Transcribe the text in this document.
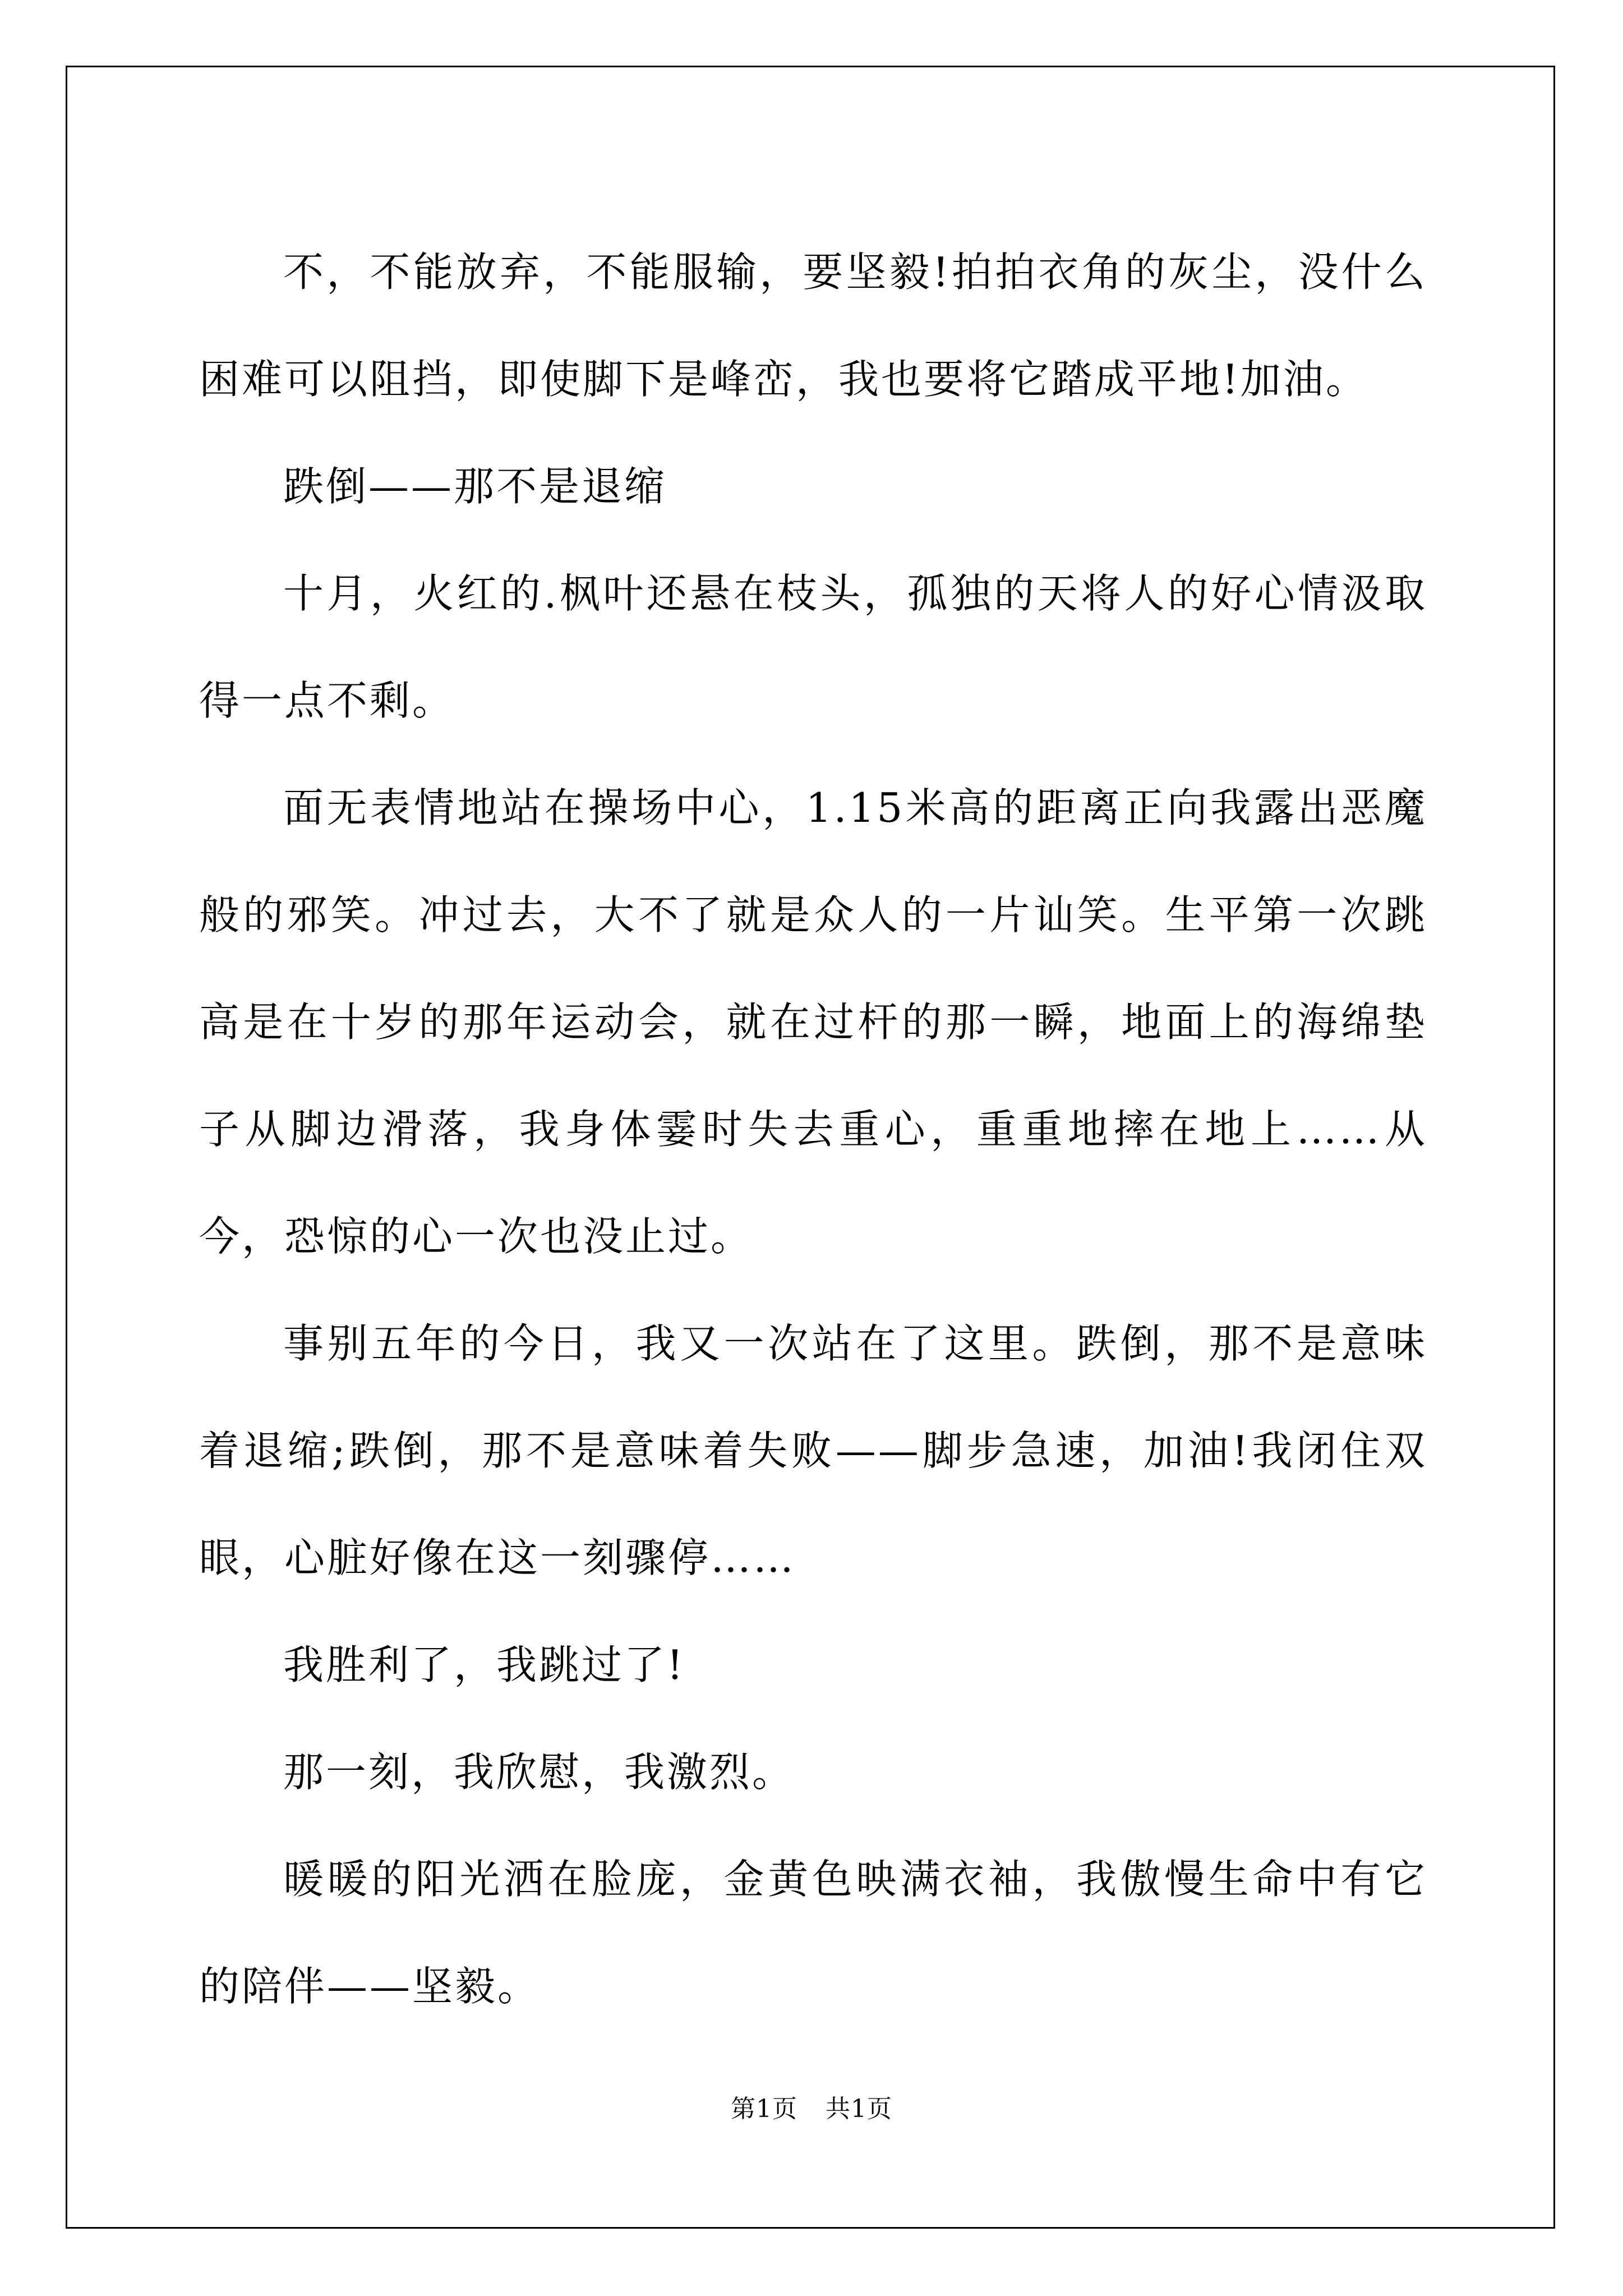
不，不能放弃，不能服输，要坚毅!拍拍衣角的灰尘，没什么困难可以阻挡，即使脚下是峰峦，我也要将它踏成平地!加油。

跌倒——那不是退缩

十月，火红的.枫叶还悬在枝头，孤独的天将人的好心情汲取得一点不剩。

面无表情地站在操场中心，1.15米高的距离正向我露出恶魔般的邪笑。冲过去，大不了就是众人的一片讪笑。生平第一次跳高是在十岁的那年运动会，就在过杆的那一瞬，地面上的海绵垫子从脚边滑落，我身体霎时失去重心，重重地摔在地上……从今，恐惊的心一次也没止过。

事别五年的今日，我又一次站在了这里。跌倒，那不是意味着退缩;跌倒，那不是意味着失败——脚步急速，加油!我闭住双眼，心脏好像在这一刻骤停……

我胜利了，我跳过了!

那一刻，我欣慰，我激烈。

暖暖的阳光洒在脸庞，金黄色映满衣袖，我傲慢生命中有它的陪伴——坚毅。

第1页 共1页
